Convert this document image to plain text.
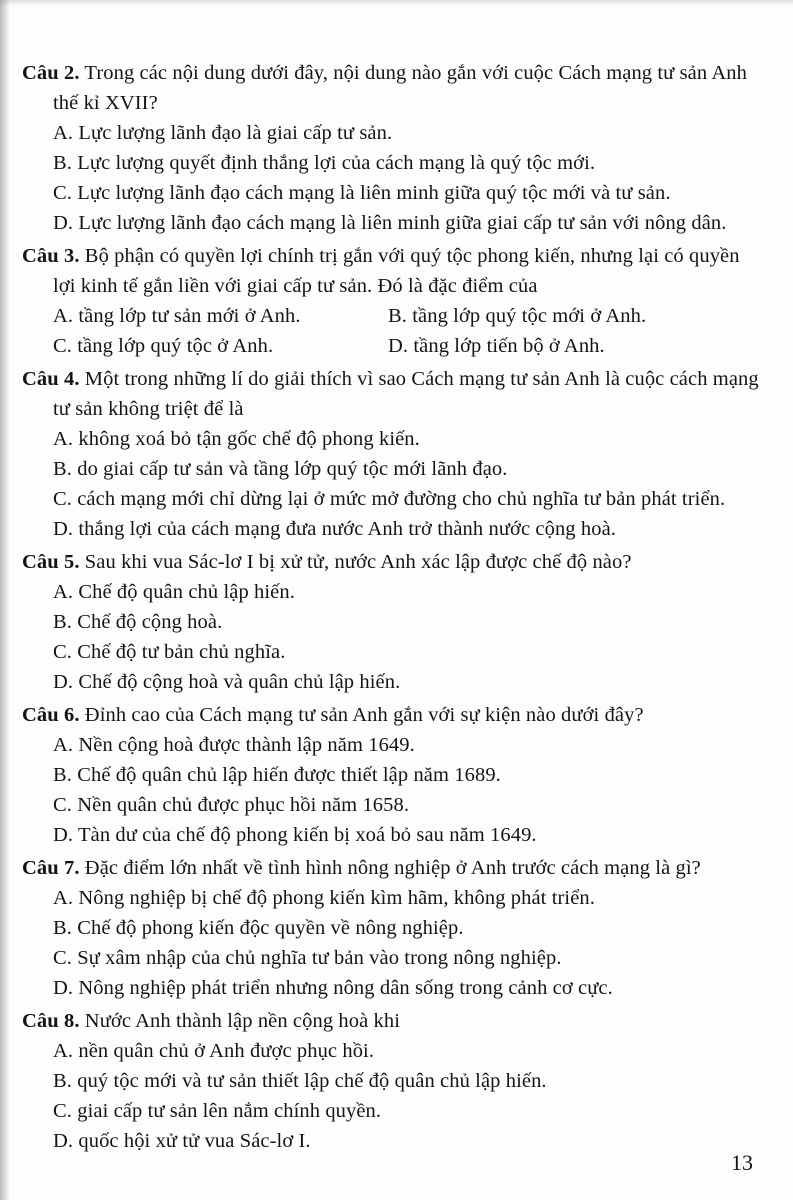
Câu 2. Trong các nội dung dưới đây, nội dung nào gắn với cuộc Cách mạng tư sản Anh thế kỉ XVII?

A. Lực lượng lãnh đạo là giai cấp tư sản.
B. Lực lượng quyết định thắng lợi của cách mạng là quý tộc mới.
C. Lực lượng lãnh đạo cách mạng là liên minh giữa quý tộc mới và tư sản.
D. Lực lượng lãnh đạo cách mạng là liên minh giữa giai cấp tư sản với nông dân.

Câu 3. Bộ phận có quyền lợi chính trị gắn với quý tộc phong kiến, nhưng lại có quyền lợi kinh tế gắn liền với giai cấp tư sản. Đó là đặc điểm của

A. tầng lớp tư sản mới ở Anh.	B. tầng lớp quý tộc mới ở Anh.
C. tầng lớp quý tộc ở Anh.	D. tầng lớp tiến bộ ở Anh.

Câu 4. Một trong những lí do giải thích vì sao Cách mạng tư sản Anh là cuộc cách mạng tư sản không triệt để là

A. không xoá bỏ tận gốc chế độ phong kiến.
B. do giai cấp tư sản và tầng lớp quý tộc mới lãnh đạo.
C. cách mạng mới chỉ dừng lại ở mức mở đường cho chủ nghĩa tư bản phát triển.
D. thắng lợi của cách mạng đưa nước Anh trở thành nước cộng hoà.

Câu 5. Sau khi vua Sác-lơ I bị xử tử, nước Anh xác lập được chế độ nào?

A. Chế độ quân chủ lập hiến.
B. Chế độ cộng hoà.
C. Chế độ tư bản chủ nghĩa.
D. Chế độ cộng hoà và quân chủ lập hiến.

Câu 6. Đỉnh cao của Cách mạng tư sản Anh gắn với sự kiện nào dưới đây?

A. Nền cộng hoà được thành lập năm 1649.
B. Chế độ quân chủ lập hiến được thiết lập năm 1689.
C. Nền quân chủ được phục hồi năm 1658.
D. Tàn dư của chế độ phong kiến bị xoá bỏ sau năm 1649.

Câu 7. Đặc điểm lớn nhất về tình hình nông nghiệp ở Anh trước cách mạng là gì?

A. Nông nghiệp bị chế độ phong kiến kìm hãm, không phát triển.
B. Chế độ phong kiến độc quyền về nông nghiệp.
C. Sự xâm nhập của chủ nghĩa tư bản vào trong nông nghiệp.
D. Nông nghiệp phát triển nhưng nông dân sống trong cảnh cơ cực.

Câu 8. Nước Anh thành lập nền cộng hoà khi

A. nền quân chủ ở Anh được phục hồi.
B. quý tộc mới và tư sản thiết lập chế độ quân chủ lập hiến.
C. giai cấp tư sản lên nắm chính quyền.
D. quốc hội xử tử vua Sác-lơ I.
13
